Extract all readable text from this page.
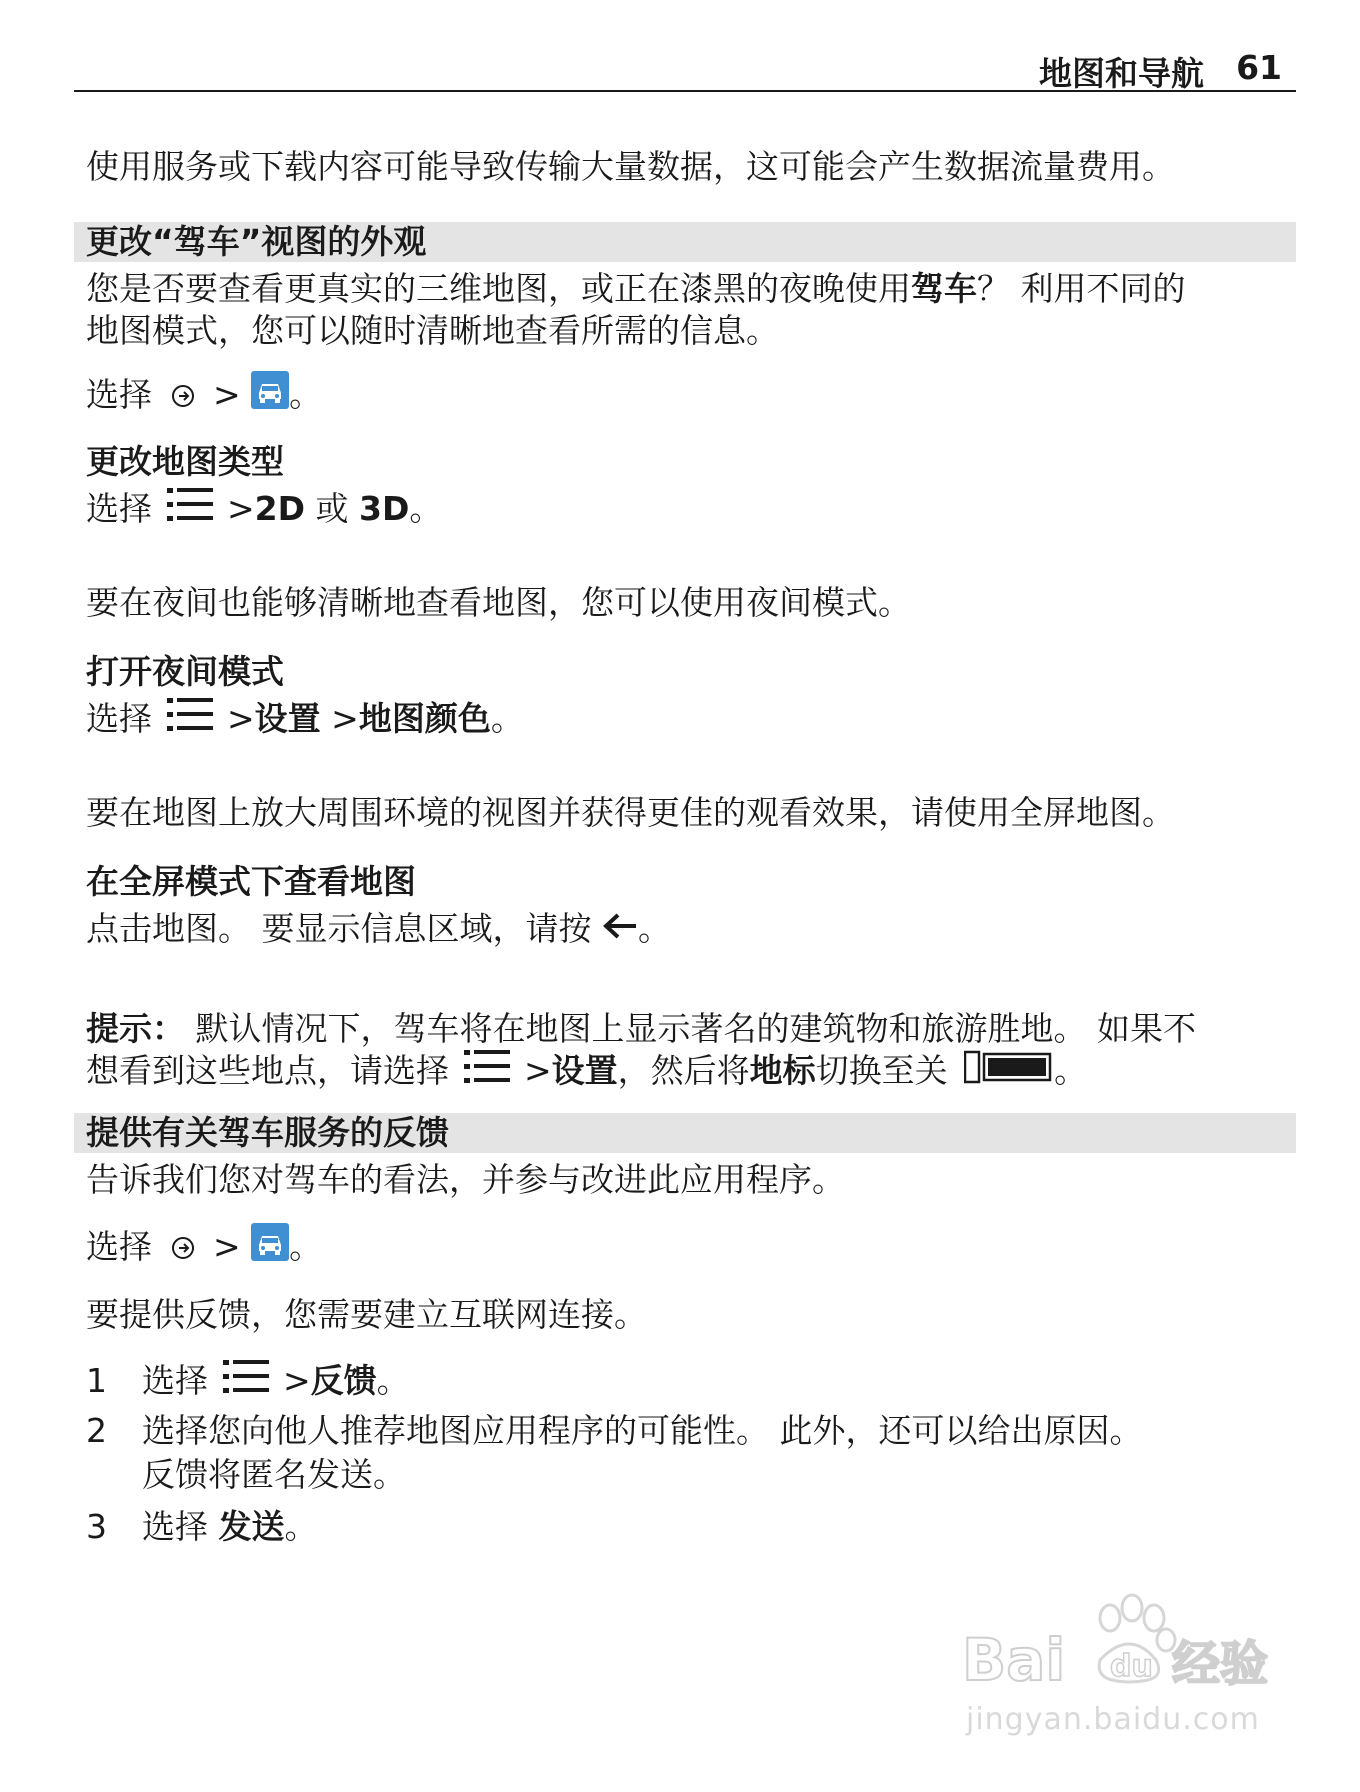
地图和导航 61
使用服务或下载内容可能导致传输大量数据，这可能会产生数据流量费用。
更改“驾车”视图的外观
您是否要查看更真实的三维地图，或正在漆黑的夜晚使用驾车？ 利用不同的
地图模式，您可以随时清晰地查看所需的信息。
选择 > 。
更改地图类型
选择 >2D 或 3D。
要在夜间也能够清晰地查看地图，您可以使用夜间模式。
打开夜间模式
选择 >设置 >地图颜色。
要在地图上放大周围环境的视图并获得更佳的观看效果，请使用全屏地图。
在全屏模式下查看地图
点击地图。 要显示信息区域，请按 。
提示： 默认情况下，驾车将在地图上显示著名的建筑物和旅游胜地。 如果不
想看到这些地点，请选择 >设置，然后将地标切换至关	。
提供有关驾车服务的反馈
告诉我们您对驾车的看法，并参与改进此应用程序。
选择 > 。
要提供反馈，您需要建立互联网连接。
1 选择 >反馈。
2 选择您向他人推荐地图应用程序的可能性。 此外，还可以给出原因。
反馈将匿名发送。
3 选择 发送。
Bai du 经验
jingyan.baidu.com
